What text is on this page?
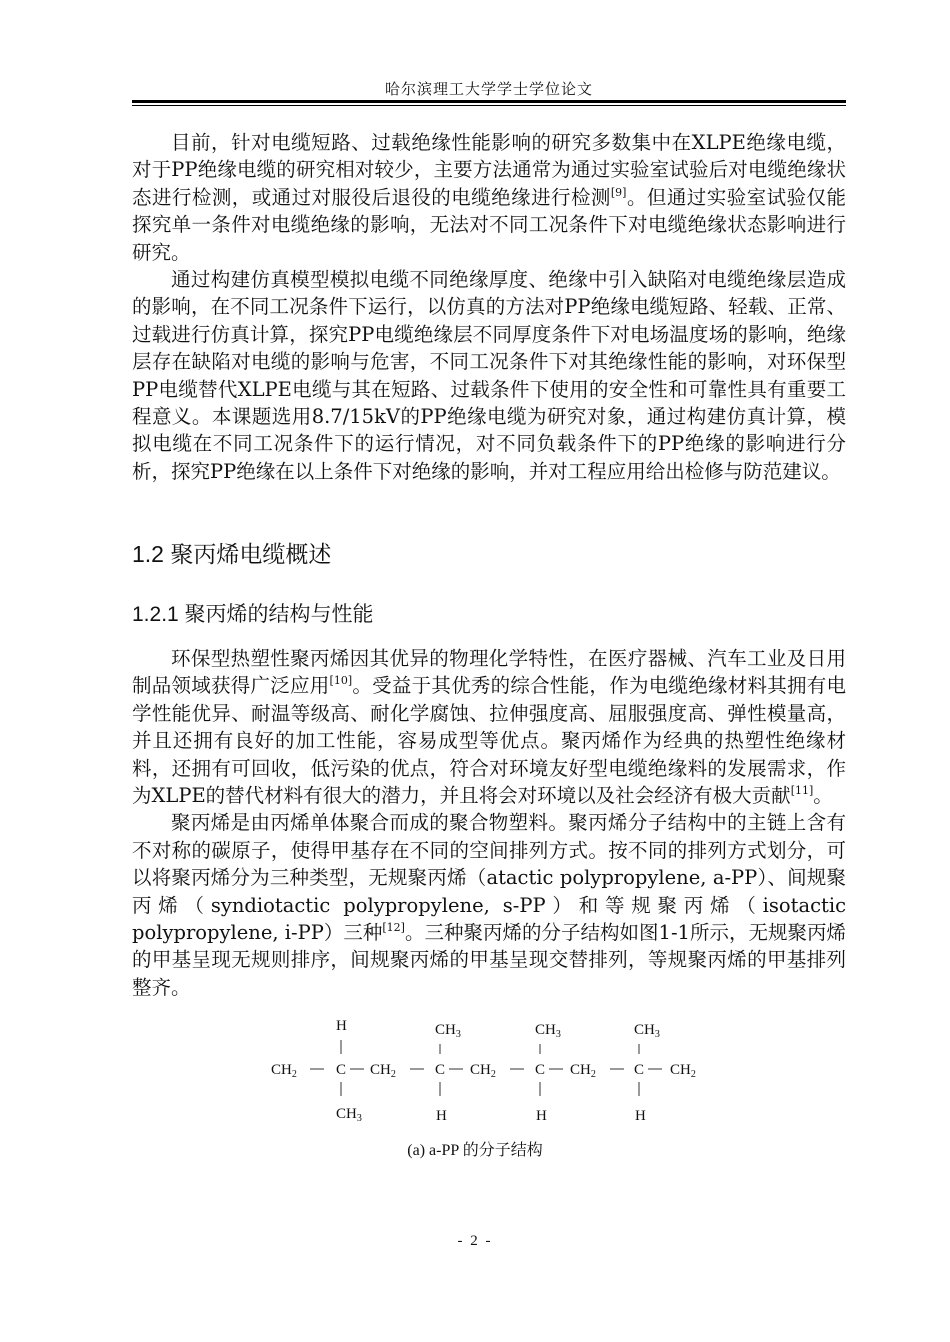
哈尔滨理工大学学士学位论文

目前，针对电缆短路、过载绝缘性能影响的研究多数集中在XLPE绝缘电缆，对于PP绝缘电缆的研究相对较少，主要方法通常为通过实验室试验后对电缆绝缘状态进行检测，或通过对服役后退役的电缆绝缘进行检测[9]。但通过实验室试验仅能探究单一条件对电缆绝缘的影响，无法对不同工况条件下对电缆绝缘状态影响进行研究。

通过构建仿真模型模拟电缆不同绝缘厚度、绝缘中引入缺陷对电缆绝缘层造成的影响，在不同工况条件下运行，以仿真的方法对PP绝缘电缆短路、轻载、正常、过载进行仿真计算，探究PP电缆绝缘层不同厚度条件下对电场温度场的影响，绝缘层存在缺陷对电缆的影响与危害，不同工况条件下对其绝缘性能的影响，对环保型PP电缆替代XLPE电缆与其在短路、过载条件下使用的安全性和可靠性具有重要工程意义。本课题选用8.7/15kV的PP绝缘电缆为研究对象，通过构建仿真计算，模拟电缆在不同工况条件下的运行情况，对不同负载条件下的PP绝缘的影响进行分析，探究PP绝缘在以上条件下对绝缘的影响，并对工程应用给出检修与防范建议。

1.2 聚丙烯电缆概述
1.2.1 聚丙烯的结构与性能

环保型热塑性聚丙烯因其优异的物理化学特性，在医疗器械、汽车工业及日用制品领域获得广泛应用[10]。受益于其优秀的综合性能，作为电缆绝缘材料其拥有电学性能优异、耐温等级高、耐化学腐蚀、拉伸强度高、屈服强度高、弹性模量高，并且还拥有良好的加工性能，容易成型等优点。聚丙烯作为经典的热塑性绝缘材料，还拥有可回收，低污染的优点，符合对环境友好型电缆绝缘料的发展需求，作为XLPE的替代材料有很大的潜力，并且将会对环境以及社会经济有极大贡献[11]。

聚丙烯是由丙烯单体聚合而成的聚合物塑料。聚丙烯分子结构中的主链上含有不对称的碳原子，使得甲基存在不同的空间排列方式。按不同的排列方式划分，可以将聚丙烯分为三种类型，无规聚丙烯（atactic polypropylene, a-PP）、间规聚丙烯（syndiotactic polypropylene, s-PP）和等规聚丙烯（isotactic polypropylene, i-PP）三种[12]。三种聚丙烯的分子结构如图1-1所示，无规聚丙烯的甲基呈现无规则排序，间规聚丙烯的甲基呈现交替排列，等规聚丙烯的甲基排列整齐。

H	$CH_3$	$CH_3$	$CH_3$
$CH_2$	C $CH_2$	C $CH_2$	C $CH_2$	C $CH_2$
$CH_3$	H	H	H
(a) a-PP 的分子结构
- 2 -
